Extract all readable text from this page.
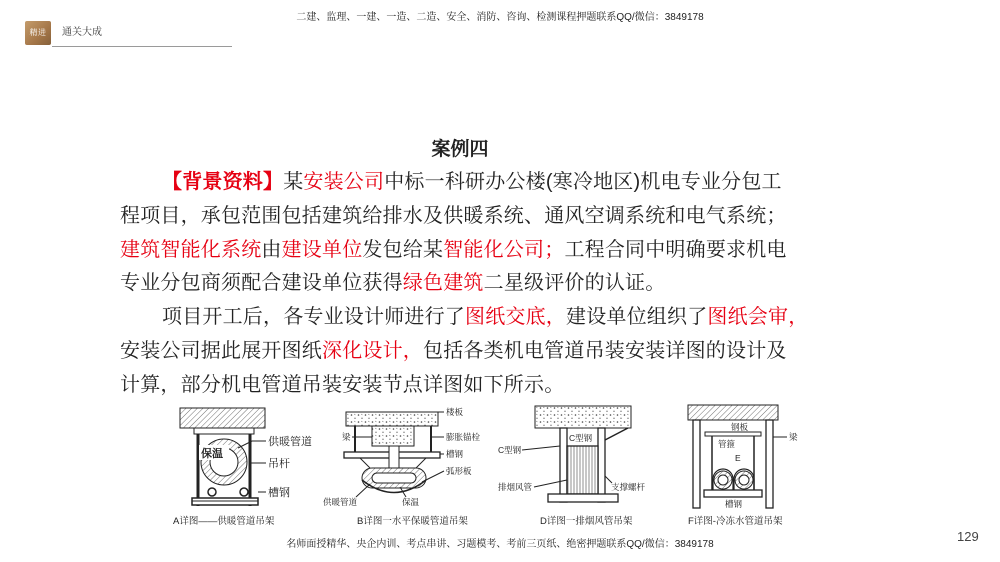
精进	通关大成
二建、监理、一建、一造、二造、安全、消防、咨询、检测课程押题联系QQ/微信：3849178
案例四
【背景资料】 某 安装公司 中标一科研办公楼(寒冷地区)机电专业分包工
程项目，承包范围包括建筑给排水及供暖系统、通风空调系统和电气系统；
建筑智能化系统 由 建设单位 发包给某 智能化公司； 工程合同中明确要求机电
专业分包商须配合建设单位获得 绿色建筑 二星级评价的认证。
项目开工后，各专业设计师进行了 图纸交底， 建设单位组织了 图纸会审，
安装公司据此展开图纸 深化设计， 包括各类机电管道吊装安装详图的设计及
计算，部分机电管道吊装安装节点详图如下所示。
供暖管道
保温
吊杆
槽钢
A详图——供暖管道吊架
楼板
梁	膨胀锚栓
槽钢
弧形板
供暖管道	保温
B详图一水平保暖管道吊架
C型钢
C型钢
排烟风管	支撑螺杆
D详图一排烟风管吊架
钢板
管箍
E
梁
槽钢
F详图-冷冻水管道吊架
129
名师面授精华、央企内训、考点串讲、习题模考、考前三页纸、绝密押题联系QQ/微信：3849178
